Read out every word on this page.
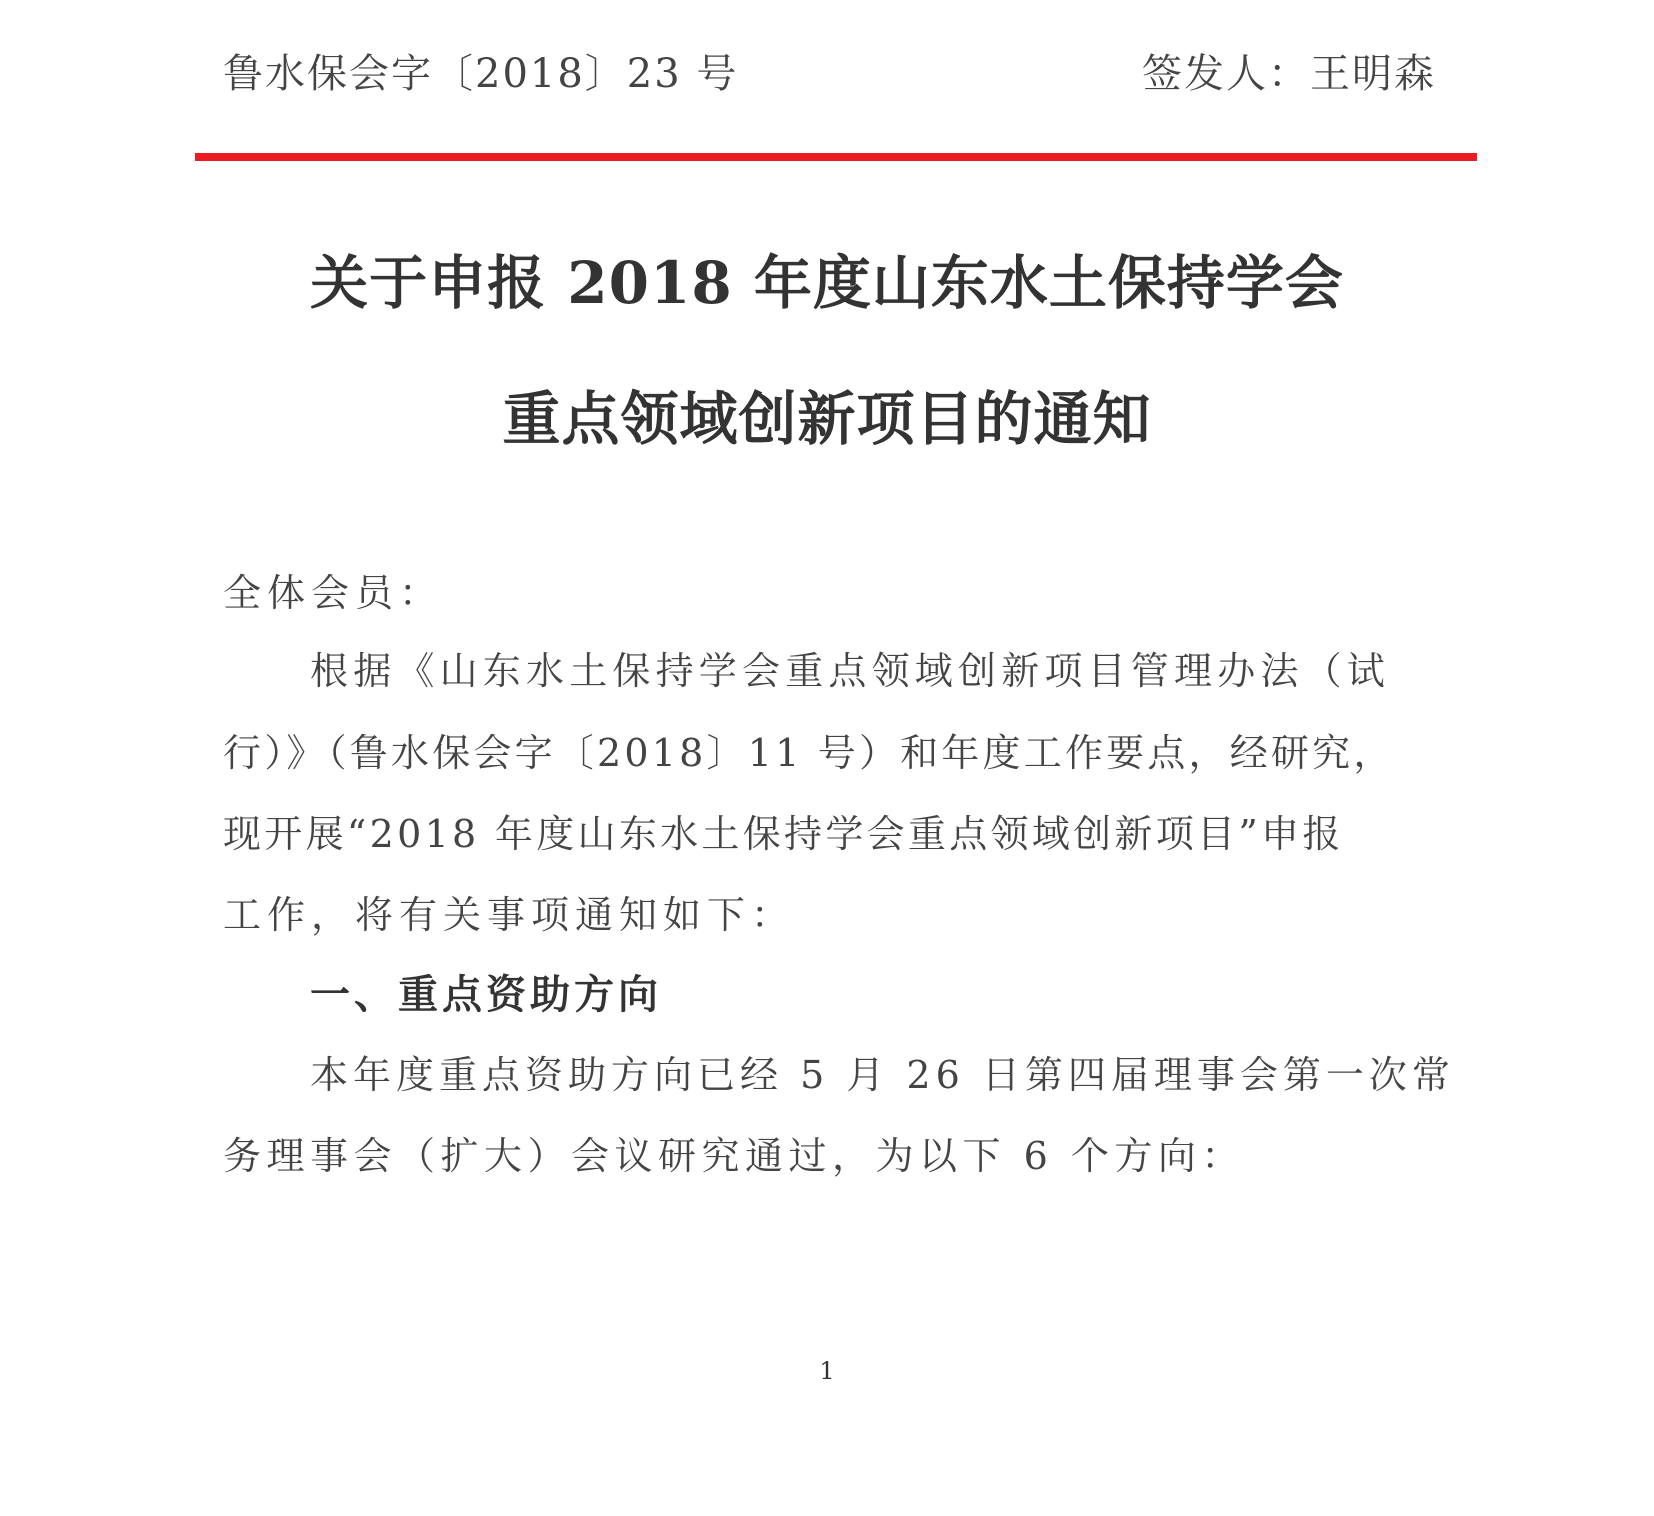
鲁水保会字〔2018〕23 号	签发人：王明森
关于申报 2018 年度山东水土保持学会
重点领域创新项目的通知
全体会员：
根据《山东水土保持学会重点领域创新项目管理办法（试
行）》（鲁水保会字〔2018〕11 号）和年度工作要点，经研究，
现开展“2018 年度山东水土保持学会重点领域创新项目”申报
工作，将有关事项通知如下：
一、重点资助方向
本年度重点资助方向已经 5 月 26 日第四届理事会第一次常
务理事会（扩大）会议研究通过，为以下 6 个方向：
1
